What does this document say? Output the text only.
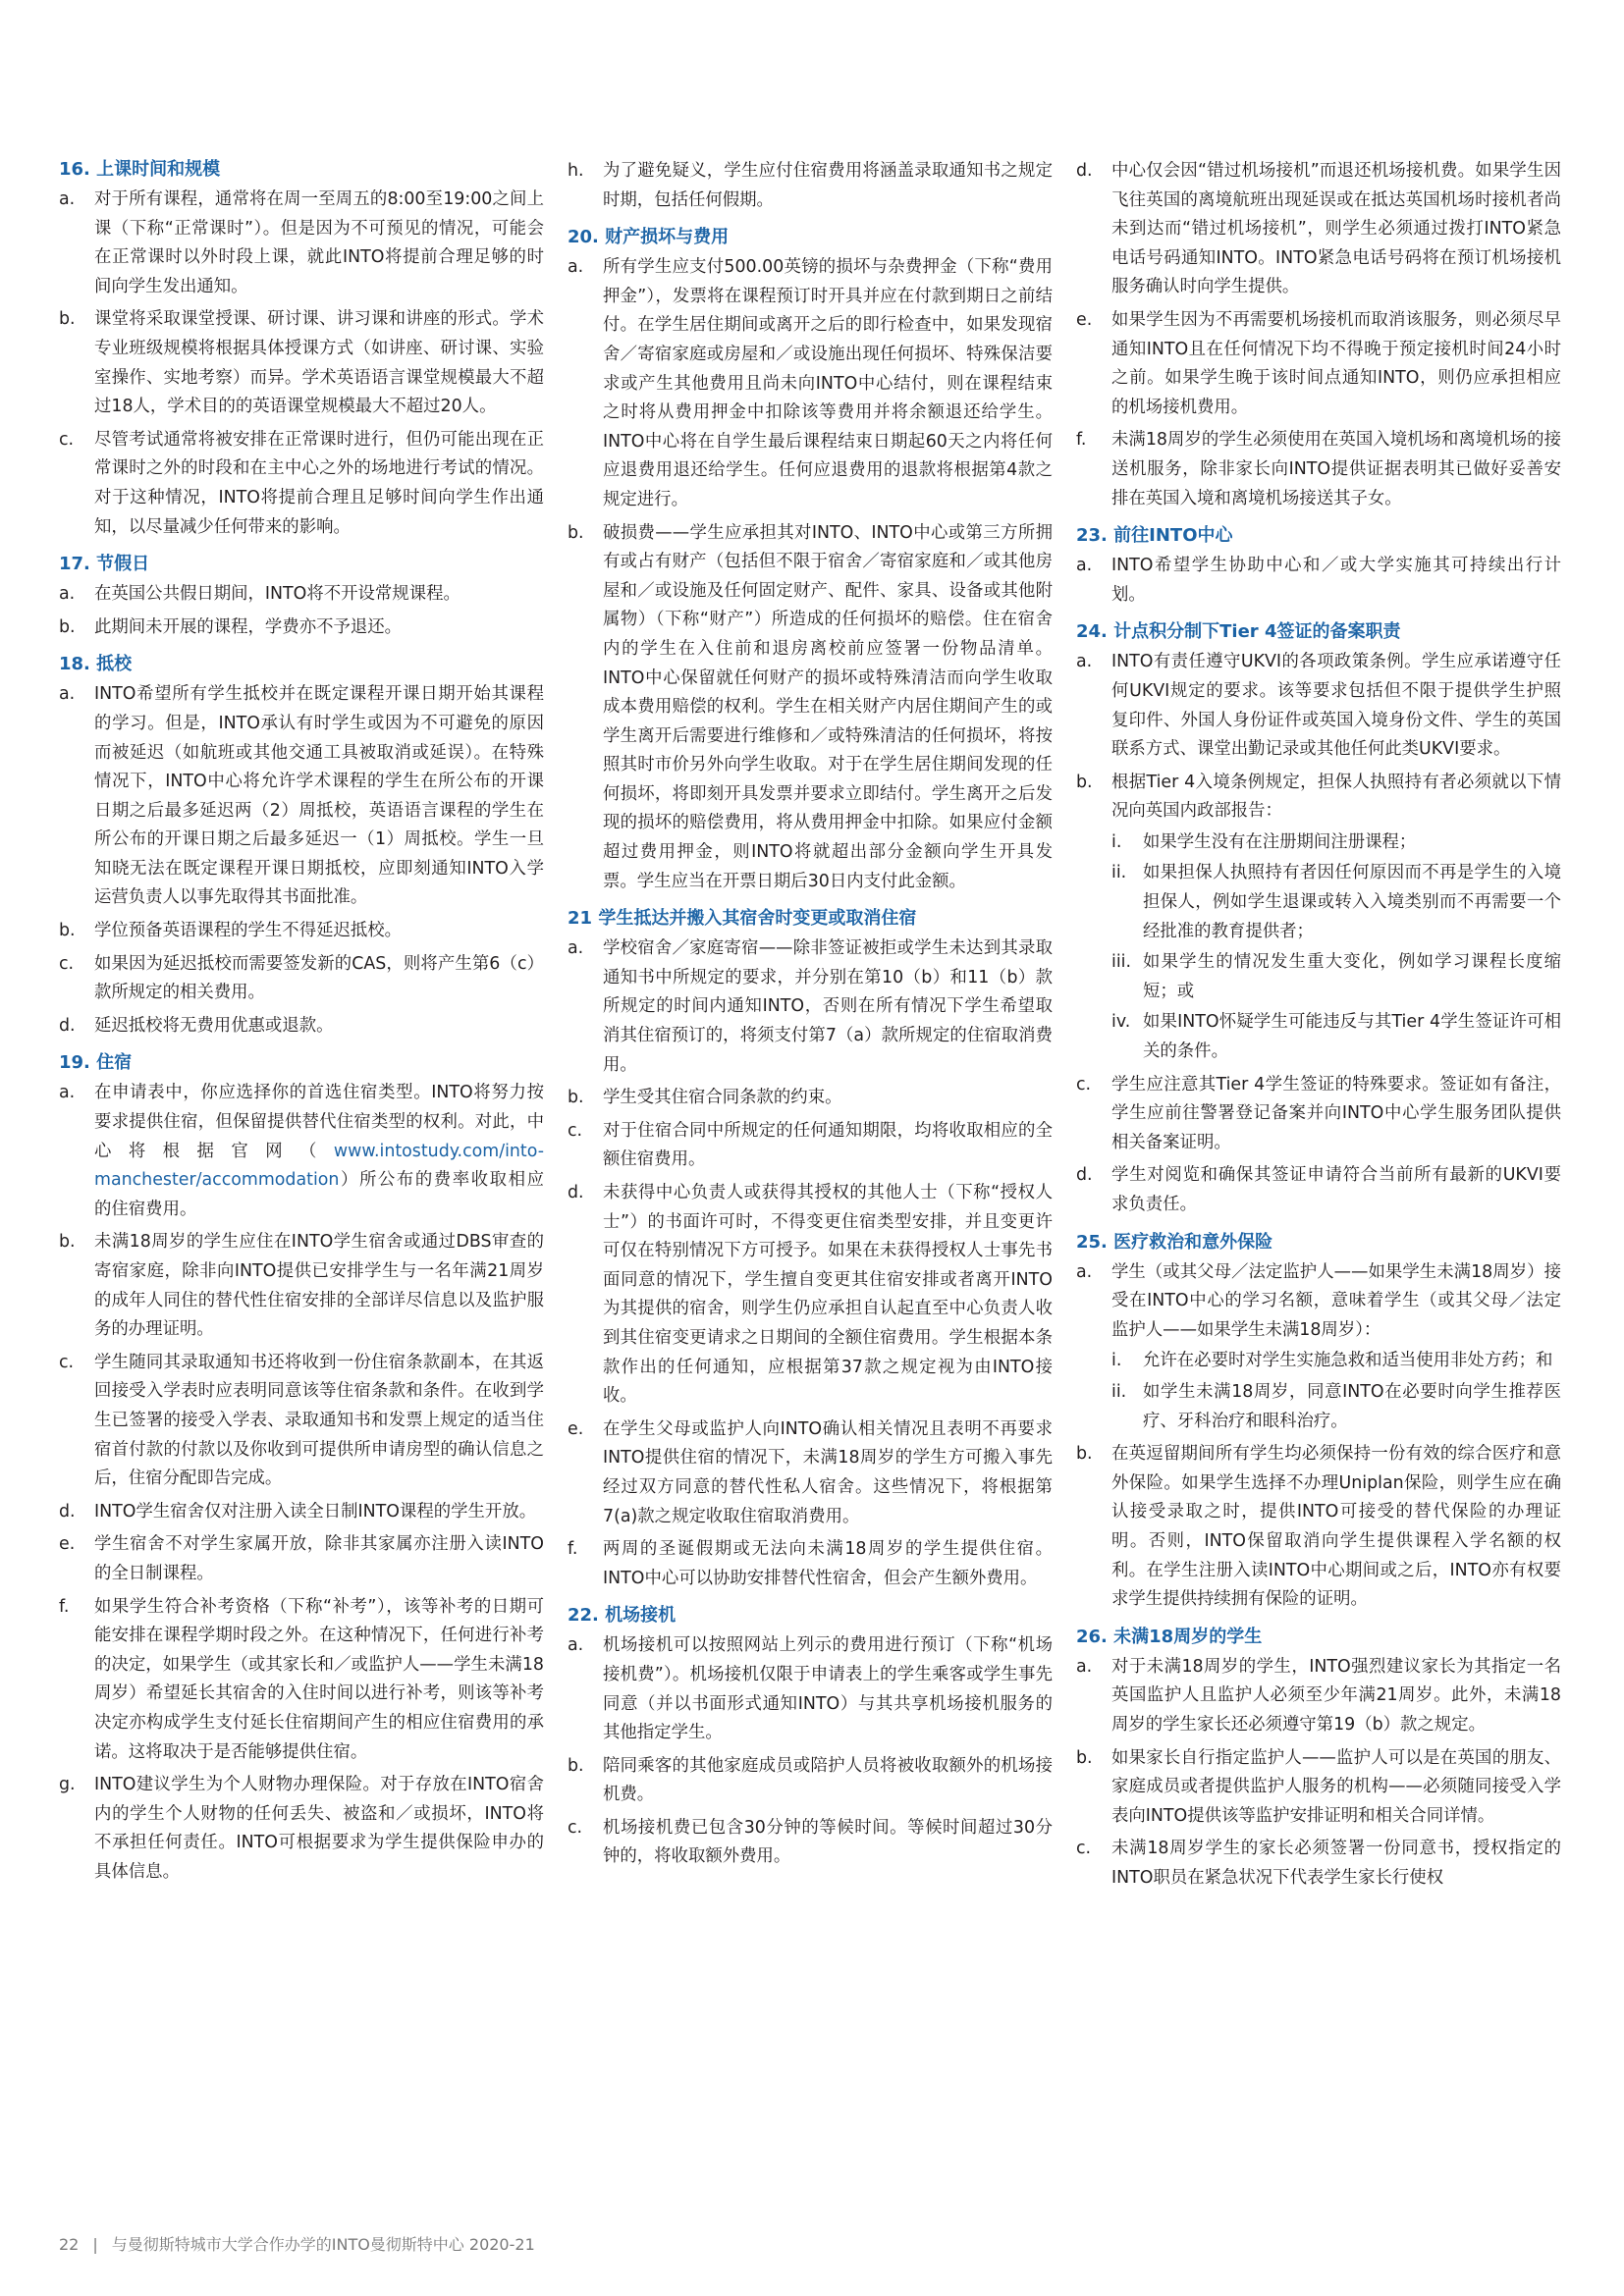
16. 上课时间和规模
a.	对于所有课程，通常将在周一至周五的8:00至19:00之间上课（下称“正常课时”）。但是因为不可预见的情况，可能会在正常课时以外时段上课，就此INTO将提前合理足够的时间向学生发出通知。
b.	课堂将采取课堂授课、研讨课、讲习课和讲座的形式。学术专业班级规模将根据具体授课方式（如讲座、研讨课、实验室操作、实地考察）而异。学术英语语言课堂规模最大不超过18人，学术目的的英语课堂规模最大不超过20人。
c.	尽管考试通常将被安排在正常课时进行，但仍可能出现在正常课时之外的时段和在主中心之外的场地进行考试的情况。对于这种情况，INTO将提前合理且足够时间向学生作出通知，以尽量减少任何带来的影响。
17. 节假日
a.	在英国公共假日期间，INTO将不开设常规课程。
b.	此期间未开展的课程，学费亦不予退还。
18. 抵校
a.	INTO希望所有学生抵校并在既定课程开课日期开始其课程的学习。但是，INTO承认有时学生或因为不可避免的原因而被延迟（如航班或其他交通工具被取消或延误）。在特殊情况下，INTO中心将允许学术课程的学生在所公布的开课日期之后最多延迟两（2）周抵校，英语语言课程的学生在所公布的开课日期之后最多延迟一（1）周抵校。学生一旦知晓无法在既定课程开课日期抵校，应即刻通知INTO入学运营负责人以事先取得其书面批准。
b.	学位预备英语课程的学生不得延迟抵校。
c.	如果因为延迟抵校而需要签发新的CAS，则将产生第6（c）款所规定的相关费用。
d.	延迟抵校将无费用优惠或退款。
19. 住宿
a.	在申请表中，你应选择你的首选住宿类型。INTO将努力按要求提供住宿，但保留提供替代住宿类型的权利。对此，中心将根据官网（www.intostudy.com/into-manchester/accommodation）所公布的费率收取相应的住宿费用。
b.	未满18周岁的学生应住在INTO学生宿舍或通过DBS审查的寄宿家庭，除非向INTO提供已安排学生与一名年满21周岁的成年人同住的替代性住宿安排的全部详尽信息以及监护服务的办理证明。
c.	学生随同其录取通知书还将收到一份住宿条款副本，在其返回接受入学表时应表明同意该等住宿条款和条件。在收到学生已签署的接受入学表、录取通知书和发票上规定的适当住宿首付款的付款以及你收到可提供所申请房型的确认信息之后，住宿分配即告完成。
d.	INTO学生宿舍仅对注册入读全日制INTO课程的学生开放。
e.	学生宿舍不对学生家属开放，除非其家属亦注册入读INTO的全日制课程。
f.	如果学生符合补考资格（下称“补考”），该等补考的日期可能安排在课程学期时段之外。在这种情况下，任何进行补考的决定，如果学生（或其家长和／或监护人——学生未满18周岁）希望延长其宿舍的入住时间以进行补考，则该等补考决定亦构成学生支付延长住宿期间产生的相应住宿费用的承诺。这将取决于是否能够提供住宿。
g.	INTO建议学生为个人财物办理保险。对于存放在INTO宿舍内的学生个人财物的任何丢失、被盗和／或损坏，INTO将不承担任何责任。INTO可根据要求为学生提供保险申办的具体信息。
h.	为了避免疑义，学生应付住宿费用将涵盖录取通知书之规定时期，包括任何假期。
20. 财产损坏与费用
a.	所有学生应支付500.00英镑的损坏与杂费押金（下称“费用押金”），发票将在课程预订时开具并应在付款到期日之前结付。在学生居住期间或离开之后的即行检查中，如果发现宿舍／寄宿家庭或房屋和／或设施出现任何损坏、特殊保洁要求或产生其他费用且尚未向INTO中心结付，则在课程结束之时将从费用押金中扣除该等费用并将余额退还给学生。INTO中心将在自学生最后课程结束日期起60天之内将任何应退费用退还给学生。任何应退费用的退款将根据第4款之规定进行。
b.	破损费——学生应承担其对INTO、INTO中心或第三方所拥有或占有财产（包括但不限于宿舍／寄宿家庭和／或其他房屋和／或设施及任何固定财产、配件、家具、设备或其他附属物）（下称“财产”）所造成的任何损坏的赔偿。住在宿舍内的学生在入住前和退房离校前应签署一份物品清单。INTO中心保留就任何财产的损坏或特殊清洁而向学生收取成本费用赔偿的权利。学生在相关财产内居住期间产生的或学生离开后需要进行维修和／或特殊清洁的任何损坏，将按照其时市价另外向学生收取。对于在学生居住期间发现的任何损坏，将即刻开具发票并要求立即结付。学生离开之后发现的损坏的赔偿费用，将从费用押金中扣除。如果应付金额超过费用押金，则INTO将就超出部分金额向学生开具发票。学生应当在开票日期后30日内支付此金额。
21 学生抵达并搬入其宿舍时变更或取消住宿
a.	学校宿舍／家庭寄宿——除非签证被拒或学生未达到其录取通知书中所规定的要求，并分别在第10（b）和11（b）款所规定的时间内通知INTO，否则在所有情况下学生希望取消其住宿预订的，将须支付第7（a）款所规定的住宿取消费用。
b.	学生受其住宿合同条款的约束。
c.	对于住宿合同中所规定的任何通知期限，均将收取相应的全额住宿费用。
d.	未获得中心负责人或获得其授权的其他人士（下称“授权人士”）的书面许可时，不得变更住宿类型安排，并且变更许可仅在特别情况下方可授予。如果在未获得授权人士事先书面同意的情况下，学生擅自变更其住宿安排或者离开INTO为其提供的宿舍，则学生仍应承担自认起直至中心负责人收到其住宿变更请求之日期间的全额住宿费用。学生根据本条款作出的任何通知，应根据第37款之规定视为由INTO接收。
e.	在学生父母或监护人向INTO确认相关情况且表明不再要求INTO提供住宿的情况下，未满18周岁的学生方可搬入事先经过双方同意的替代性私人宿舍。这些情况下，将根据第7(a)款之规定收取住宿取消费用。
f.	两周的圣诞假期或无法向未满18周岁的学生提供住宿。INTO中心可以协助安排替代性宿舍，但会产生额外费用。
22. 机场接机
a.	机场接机可以按照网站上列示的费用进行预订（下称“机场接机费”）。机场接机仅限于申请表上的学生乘客或学生事先同意（并以书面形式通知INTO）与其共享机场接机服务的其他指定学生。
b.	陪同乘客的其他家庭成员或陪护人员将被收取额外的机场接机费。
c.	机场接机费已包含30分钟的等候时间。等候时间超过30分钟的，将收取额外费用。
d.	中心仅会因“错过机场接机”而退还机场接机费。如果学生因飞往英国的离境航班出现延误或在抵达英国机场时接机者尚未到达而“错过机场接机”，则学生必须通过拨打INTO紧急电话号码通知INTO。INTO紧急电话号码将在预订机场接机服务确认时向学生提供。
e.	如果学生因为不再需要机场接机而取消该服务，则必须尽早通知INTO且在任何情况下均不得晚于预定接机时间24小时之前。如果学生晚于该时间点通知INTO，则仍应承担相应的机场接机费用。
f.	未满18周岁的学生必须使用在英国入境机场和离境机场的接送机服务，除非家长向INTO提供证据表明其已做好妥善安排在英国入境和离境机场接送其子女。
23. 前往INTO中心
a.	INTO希望学生协助中心和／或大学实施其可持续出行计划。
24. 计点积分制下Tier 4签证的备案职责
a.	INTO有责任遵守UKVI的各项政策条例。学生应承诺遵守任何UKVI规定的要求。该等要求包括但不限于提供学生护照复印件、外国人身份证件或英国入境身份文件、学生的英国联系方式、课堂出勤记录或其他任何此类UKVI要求。
b.	根据Tier 4入境条例规定，担保人执照持有者必须就以下情况向英国内政部报告：
i.	如果学生没有在注册期间注册课程；
ii. 如果担保人执照持有者因任何原因而不再是学生的入境担保人，例如学生退课或转入入境类别而不再需要一个经批准的教育提供者；
iii. 如果学生的情况发生重大变化，例如学习课程长度缩短；或
iv. 如果INTO怀疑学生可能违反与其Tier 4学生签证许可相关的条件。
c.	学生应注意其Tier 4学生签证的特殊要求。签证如有备注，学生应前往警署登记备案并向INTO中心学生服务团队提供相关备案证明。
d.	学生对阅览和确保其签证申请符合当前所有最新的UKVI要求负责任。
25. 医疗救治和意外保险
a.	学生（或其父母／法定监护人——如果学生未满18周岁）接受在INTO中心的学习名额，意味着学生（或其父母／法定监护人——如果学生未满18周岁）：
i.	允许在必要时对学生实施急救和适当使用非处方药；和
ii. 如学生未满18周岁，同意INTO在必要时向学生推荐医疗、牙科治疗和眼科治疗。
b.	在英逗留期间所有学生均必须保持一份有效的综合医疗和意外保险。如果学生选择不办理Uniplan保险，则学生应在确认接受录取之时，提供INTO可接受的替代保险的办理证明。否则，INTO保留取消向学生提供课程入学名额的权利。在学生注册入读INTO中心期间或之后，INTO亦有权要求学生提供持续拥有保险的证明。
26. 未满18周岁的学生
a.	对于未满18周岁的学生，INTO强烈建议家长为其指定一名英国监护人且监护人必须至少年满21周岁。此外，未满18周岁的学生家长还必须遵守第19（b）款之规定。
b.	如果家长自行指定监护人——监护人可以是在英国的朋友、家庭成员或者提供监护人服务的机构——必须随同接受入学表向INTO提供该等监护安排证明和相关合同详情。
c.	未满18周岁学生的家长必须签署一份同意书，授权指定的INTO职员在紧急状况下代表学生家长行使权
22 | 与曼彻斯特城市大学合作办学的INTO曼彻斯特中心 2020-21
